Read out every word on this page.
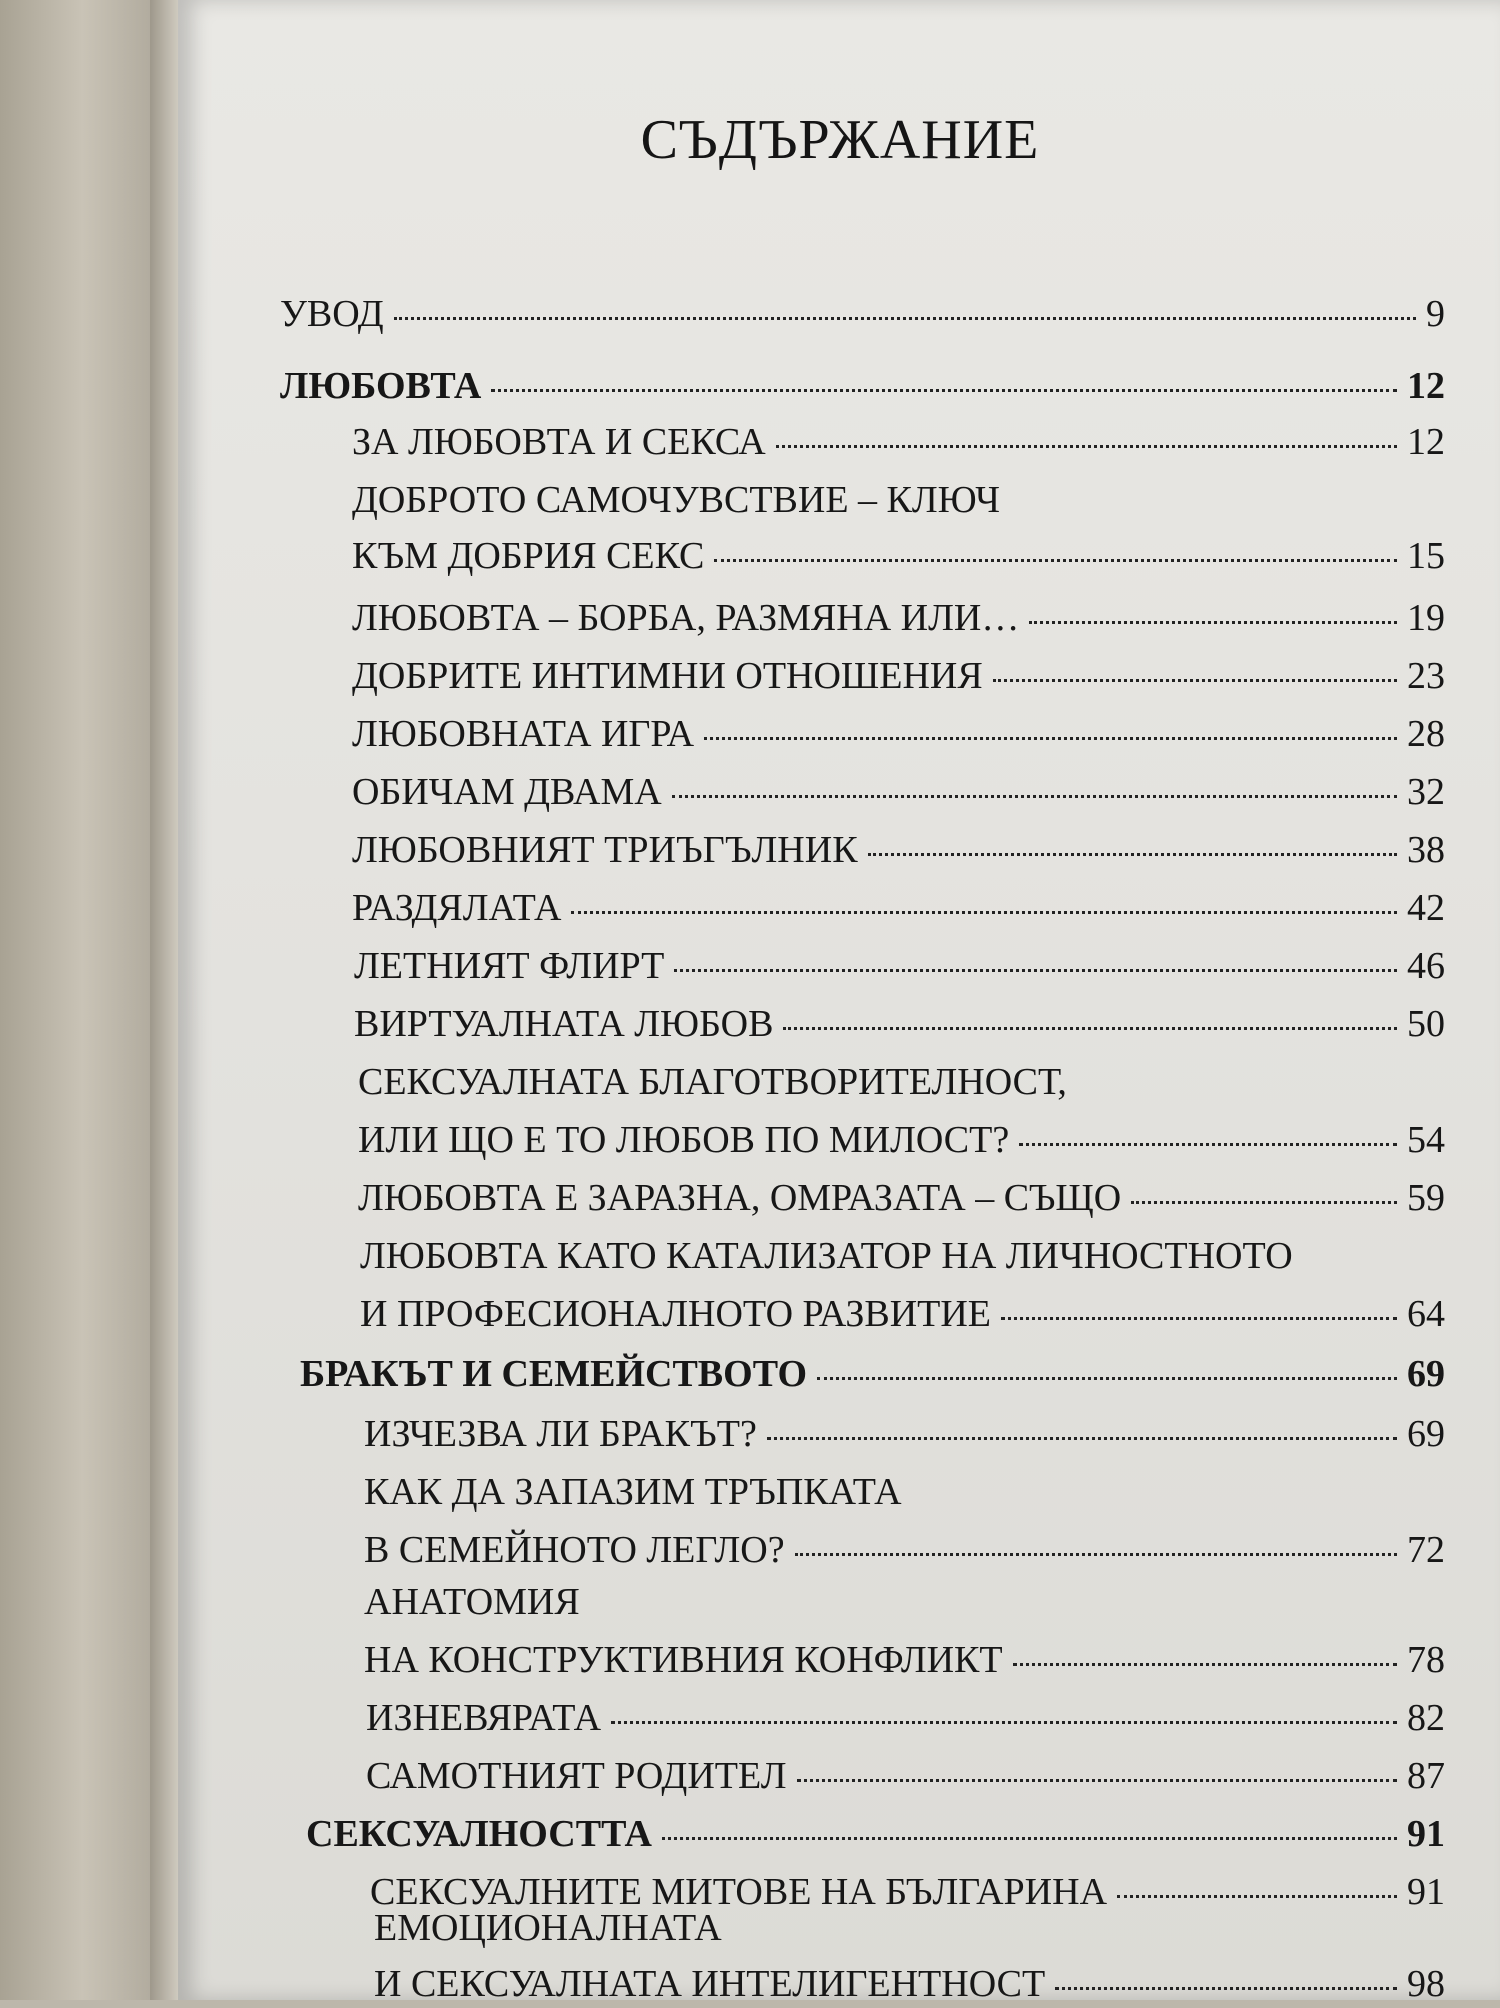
СЪДЪРЖАНИЕ
УВОД	9
ЛЮБОВТА	12
ЗА ЛЮБОВТА И СЕКСА	12
ДОБРОТО САМОЧУВСТВИЕ – КЛЮЧ
КЪМ ДОБРИЯ СЕКС	15
ЛЮБОВТА – БОРБА, РАЗМЯНА ИЛИ…	19
ДОБРИТЕ ИНТИМНИ ОТНОШЕНИЯ	23
ЛЮБОВНАТА ИГРА	28
ОБИЧАМ ДВАМА	32
ЛЮБОВНИЯТ ТРИЪГЪЛНИК	38
РАЗДЯЛАТА	42
ЛЕТНИЯТ ФЛИРТ	46
ВИРТУАЛНАТА ЛЮБОВ	50
СЕКСУАЛНАТА БЛАГОТВОРИТЕЛНОСТ,
ИЛИ ЩО Е ТО ЛЮБОВ ПО МИЛОСТ?	54
ЛЮБОВТА Е ЗАРАЗНА, ОМРАЗАТА – СЪЩО	59
ЛЮБОВТА КАТО КАТАЛИЗАТОР НА ЛИЧНОСТНОТО
И ПРОФЕСИОНАЛНОТО РАЗВИТИЕ	64
БРАКЪТ И СЕМЕЙСТВОТО	69
ИЗЧЕЗВА ЛИ БРАКЪТ?	69
КАК ДА ЗАПАЗИМ ТРЪПКАТА
В СЕМЕЙНОТО ЛЕГЛО?	72
АНАТОМИЯ
НА КОНСТРУКТИВНИЯ КОНФЛИКТ	78
ИЗНЕВЯРАТА	82
САМОТНИЯТ РОДИТЕЛ	87
СЕКСУАЛНОСТТА	91
СЕКСУАЛНИТЕ МИТОВЕ НА БЪЛГАРИНА	91
ЕМОЦИОНАЛНАТА
И СЕКСУАЛНАТА ИНТЕЛИГЕНТНОСТ	98
